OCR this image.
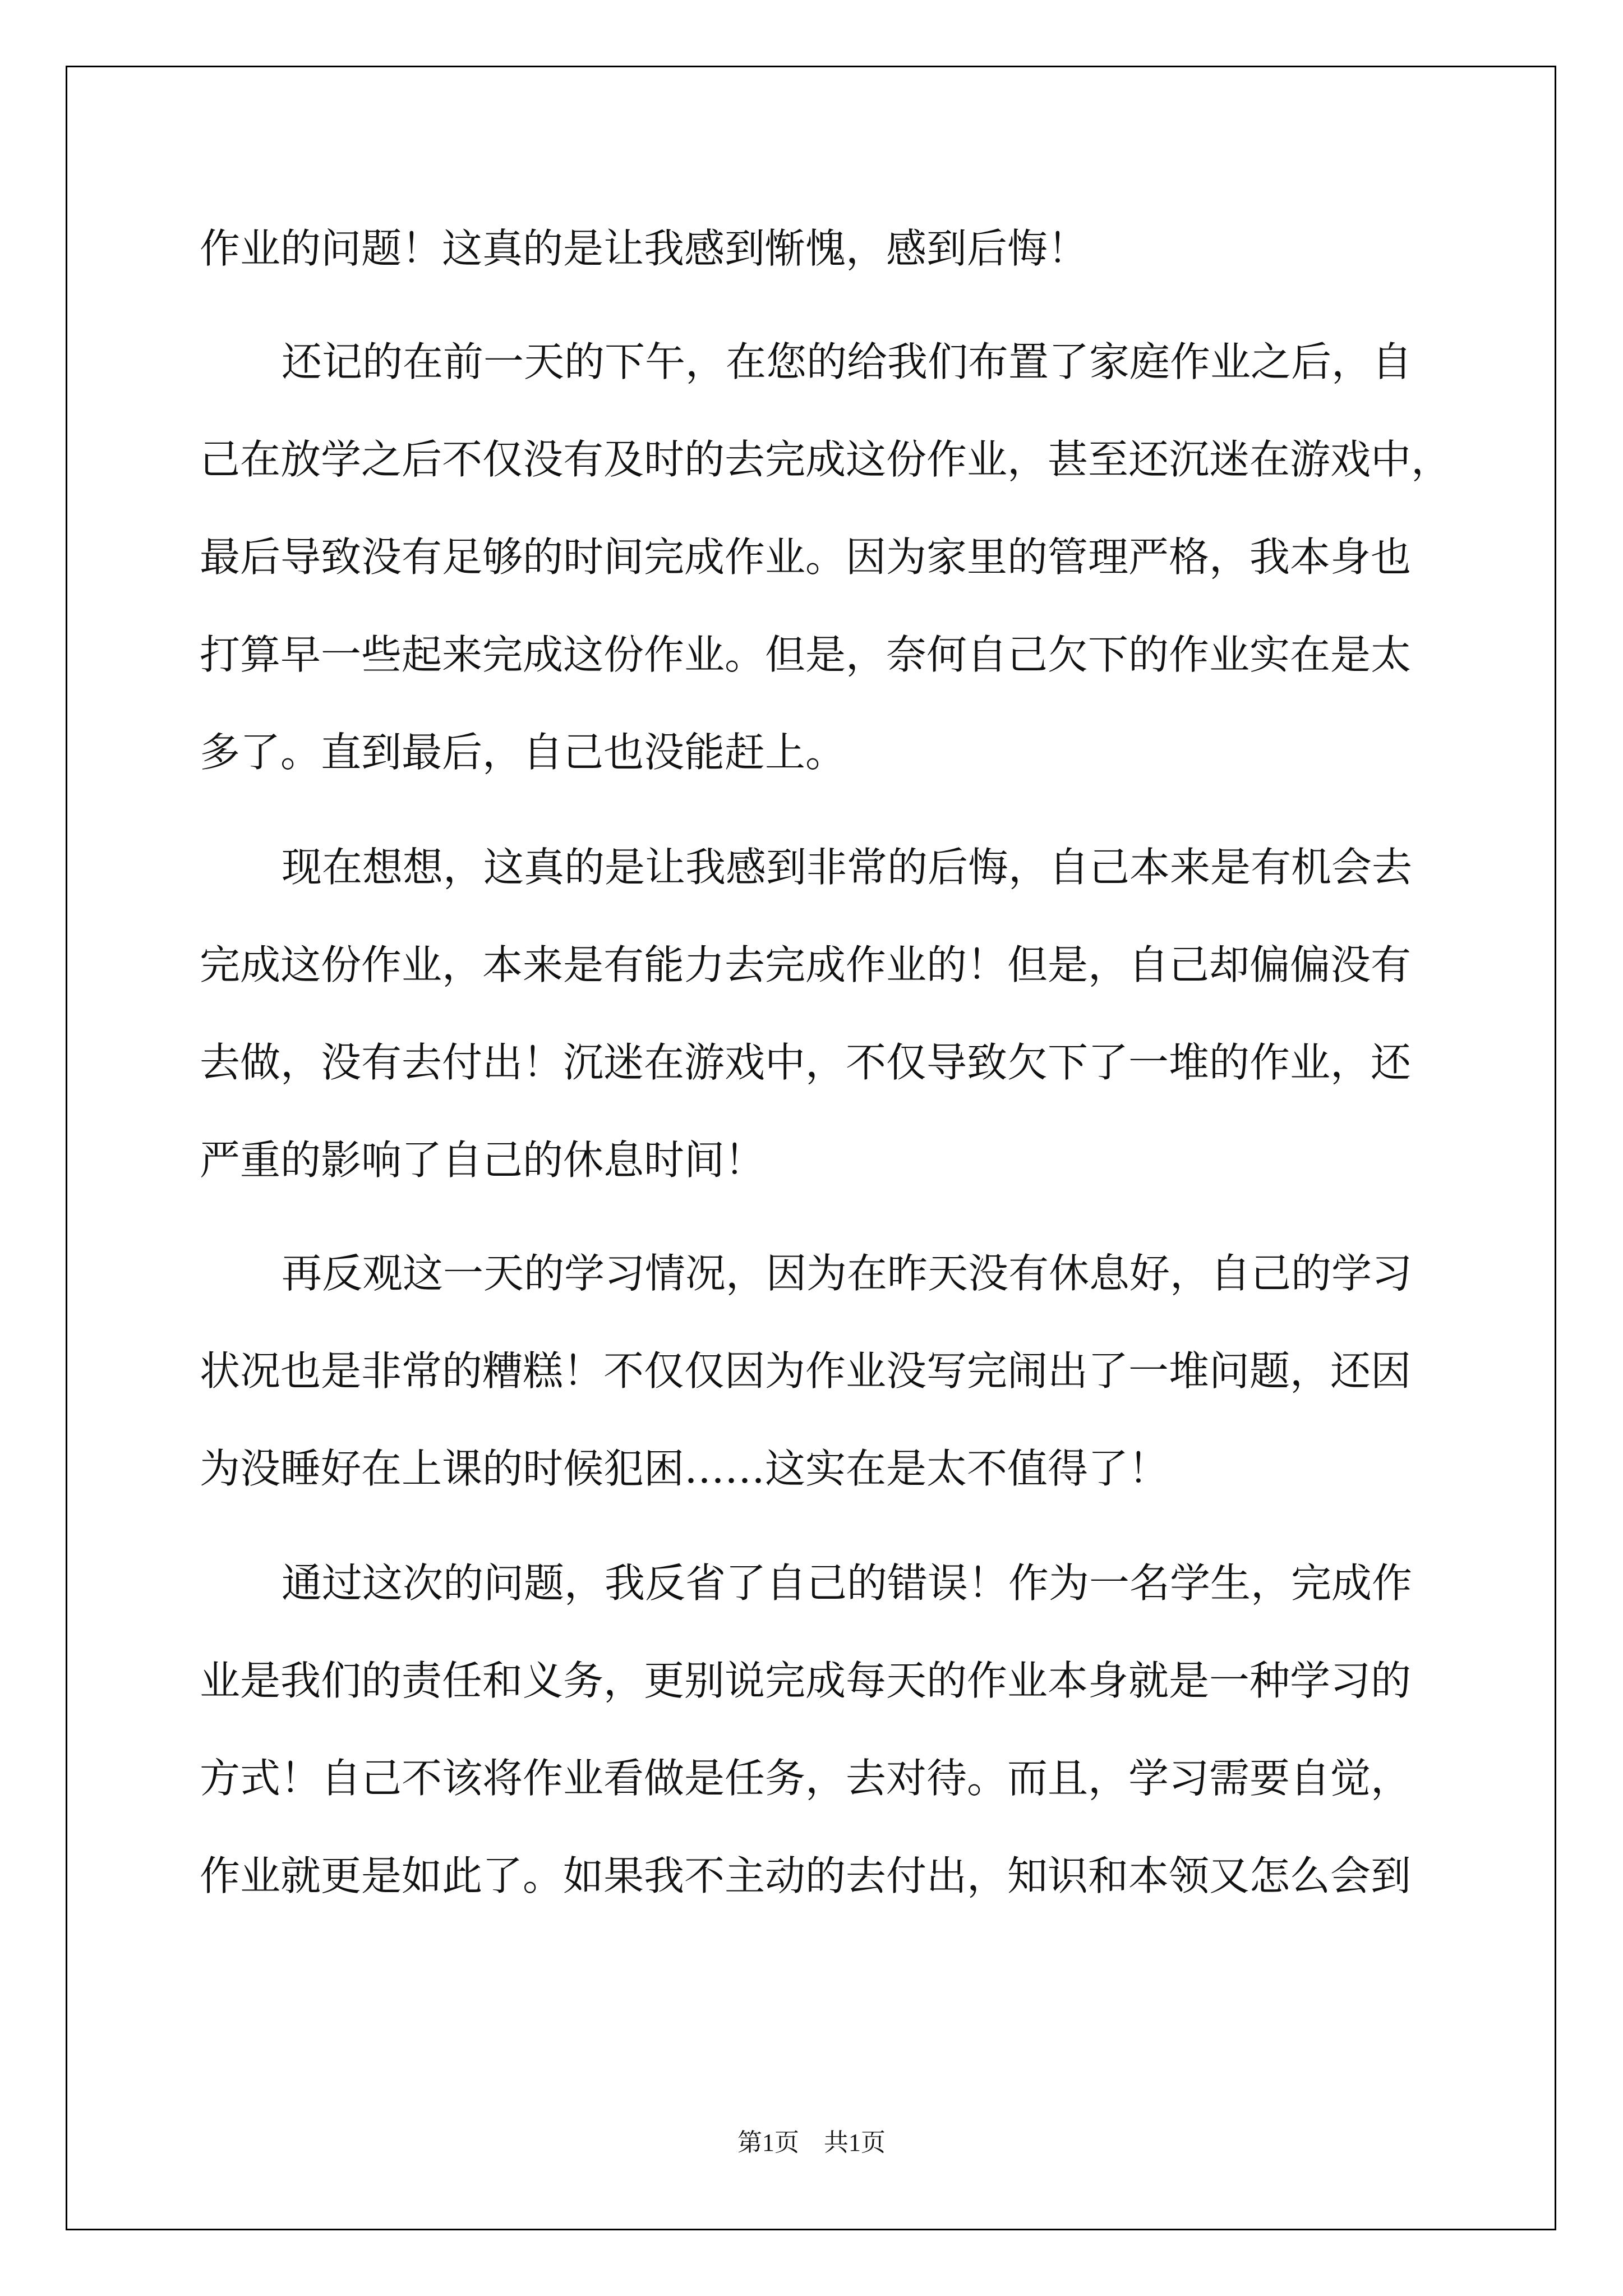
作业的问题！这真的是让我感到惭愧，感到后悔！
还记的在前一天的下午，在您的给我们布置了家庭作业之后，自
己在放学之后不仅没有及时的去完成这份作业，甚至还沉迷在游戏中，
最后导致没有足够的时间完成作业。因为家里的管理严格，我本身也
打算早一些起来完成这份作业。但是，奈何自己欠下的作业实在是太
多了。直到最后，自己也没能赶上。
现在想想，这真的是让我感到非常的后悔，自己本来是有机会去
完成这份作业，本来是有能力去完成作业的！但是，自己却偏偏没有
去做，没有去付出！沉迷在游戏中，不仅导致欠下了一堆的作业，还
严重的影响了自己的休息时间！
再反观这一天的学习情况，因为在昨天没有休息好，自己的学习
状况也是非常的糟糕！不仅仅因为作业没写完闹出了一堆问题，还因
为没睡好在上课的时候犯困……这实在是太不值得了！
通过这次的问题，我反省了自己的错误！作为一名学生，完成作
业是我们的责任和义务，更别说完成每天的作业本身就是一种学习的
方式！自己不该将作业看做是任务，去对待。而且，学习需要自觉，
作业就更是如此了。如果我不主动的去付出，知识和本领又怎么会到
第1页　共1页
